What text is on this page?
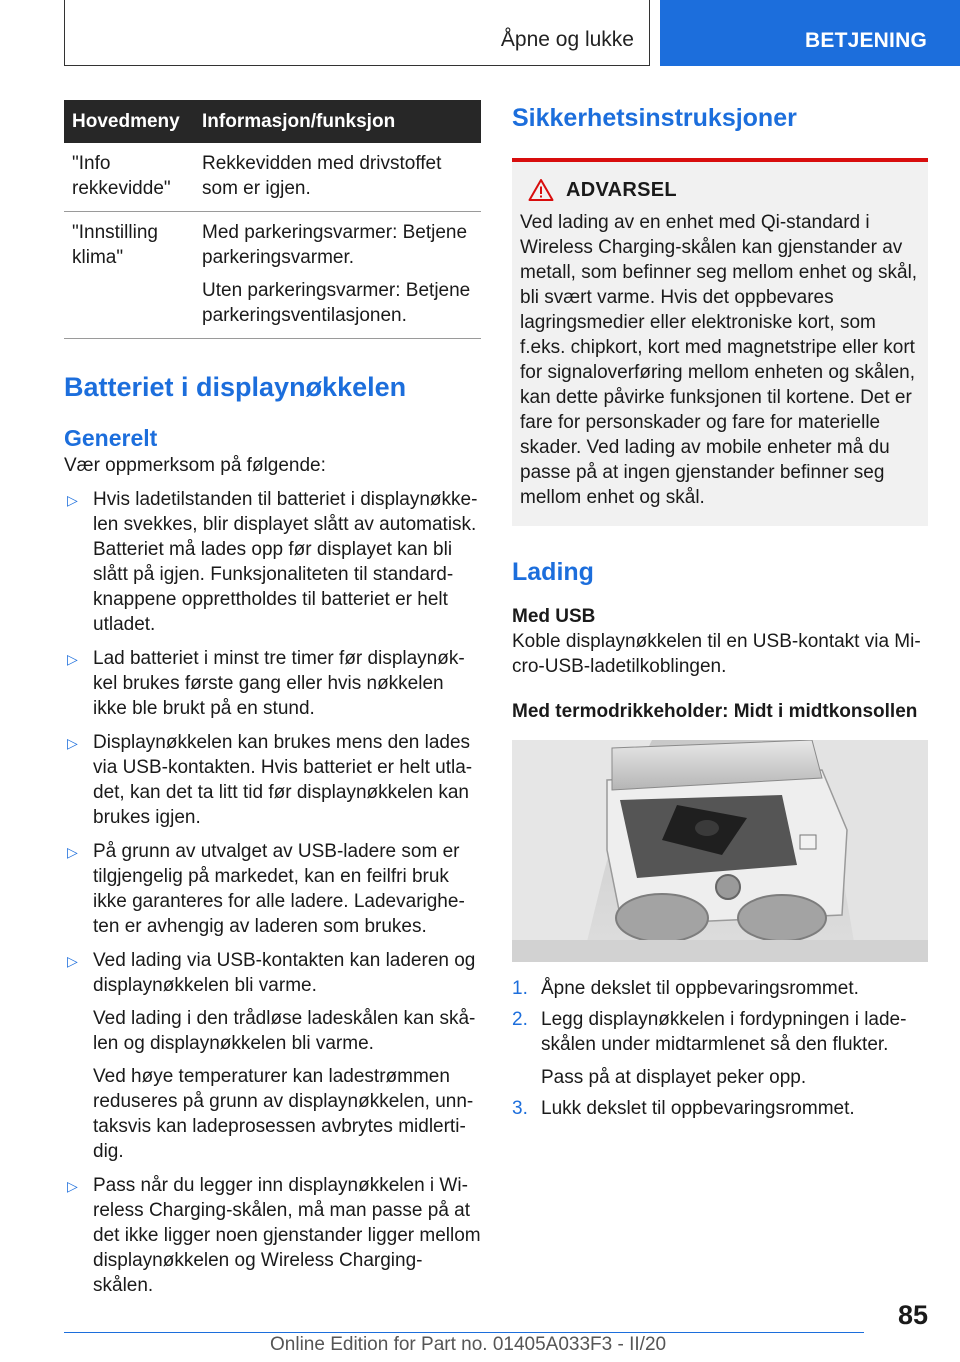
Åpne og lukke	BETJENING
Hovedmeny	Informasjon/funksjon
"Info rekkevidde"	Rekkevidden med drivstoffet som er igjen.

"Innstilling klima"	Med parkeringsvarmer: Betjene parkeringsvarmer.

Uten parkeringsvarmer: Betjene parkeringsventilasjonen.

Batteriet i displaynøkkelen
Generelt

Vær oppmerksom på følgende:

▷ Hvis ladetilstanden til batteriet i displaynøkkelen svekkes, blir displayet slått av automatisk. Batteriet må lades opp før displayet kan bli slått på igjen. Funksjonaliteten til standardknappene opprettholdes til batteriet er helt utladet.
▷ Lad batteriet i minst tre timer før displaynøkkel brukes første gang eller hvis nøkkelen ikke ble brukt på en stund.
▷ Displaynøkkelen kan brukes mens den lades via USB-kontakten. Hvis batteriet er helt utladet, kan det ta litt tid før displaynøkkelen kan brukes igjen.
▷ På grunn av utvalget av USB-ladere som er tilgjengelig på markedet, kan en feilfri bruk ikke garanteres for alle ladere. Ladevarigheten er avhengig av laderen som brukes.
▷ Ved lading via USB-kontakten kan laderen og displaynøkkelen bli varme.
Ved lading i den trådløse ladeskålen kan skålen og displaynøkkelen bli varme.
Ved høye temperaturer kan ladestrømmen reduseres på grunn av displaynøkkelen, unntaksvis kan ladeprosessen avbrytes midlertidig.
▷ Pass når du legger inn displaynøkkelen i Wireless Charging-skålen, må man passe på at det ikke ligger noen gjenstander ligger mellom displaynøkkelen og Wireless Charging-skålen.
Sikkerhetsinstruksjoner
ADVARSEL

Ved lading av en enhet med Qi-standard i Wireless Charging-skålen kan gjenstander av metall, som befinner seg mellom enhet og skål, bli svært varme. Hvis det oppbevares lagringsmedier eller elektroniske kort, som f.eks. chipkort, kort med magnetstripe eller kort for signaloverføring mellom enheten og skålen, kan dette påvirke funksjonen til kortene. Det er fare for personskader og fare for materielle skader. Ved lading av mobile enheter må du passe på at ingen gjenstander befinner seg mellom enhet og skål.

Lading
Med USB

Koble displaynøkkelen til en USB-kontakt via Micro-USB-ladetilkoblingen.

Med termodrikkeholder: Midt i midtkonsollen
1. Åpne dekslet til oppbevaringsrommet.
2. Legg displaynøkkelen i fordypningen i ladeskålen under midtarmlenet så den flukter.
Pass på at displayet peker opp.
3. Lukk dekslet til oppbevaringsrommet.
85
Online Edition for Part no. 01405A033F3 - II/20
